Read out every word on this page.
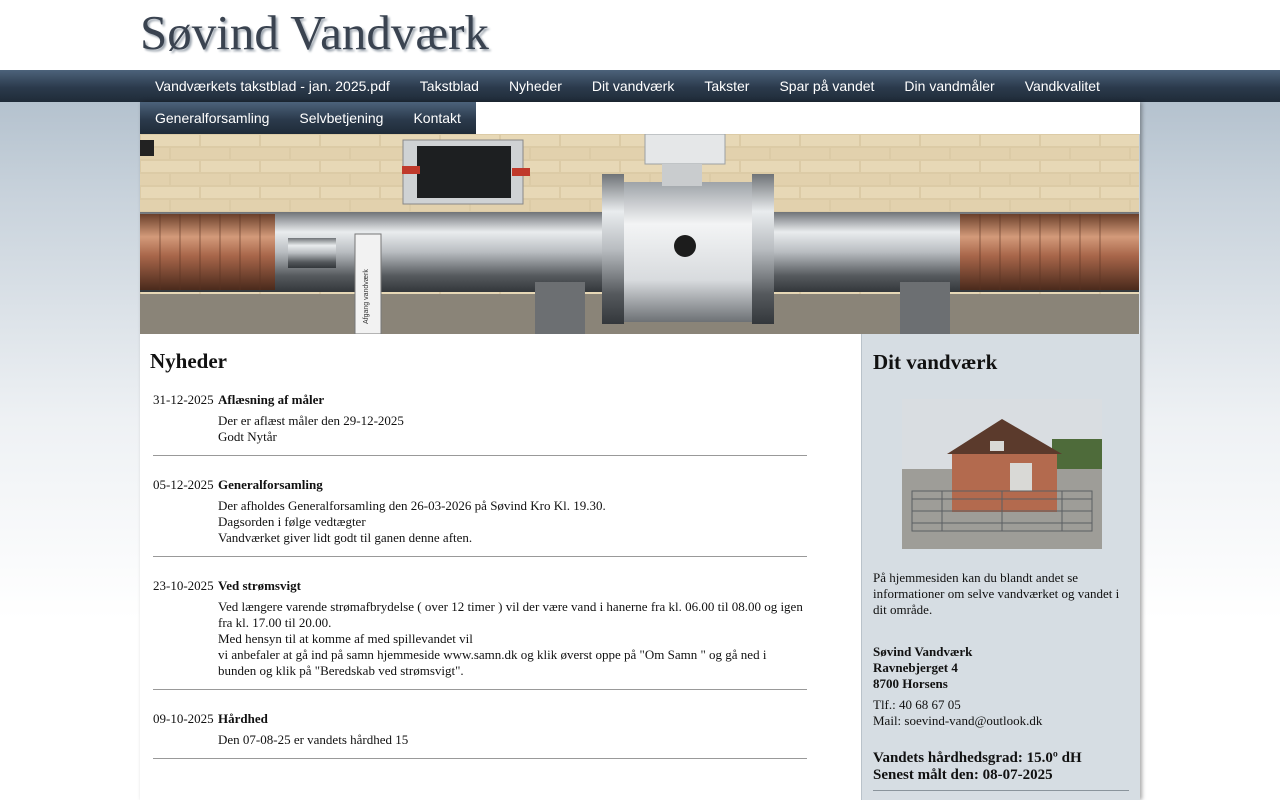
Søvind Vandværk
Vandværkets takstblad - jan. 2025.pdf	Takstblad	Nyheder	Dit vandværk	Takster	Spar på vandet	Din vandmåler	Vandkvalitet
Generalforsamling	Selvbetjening	Kontakt
Afgang vandværk
Nyheder
31-12-2025 Aflæsning af måler
Der er aflæst måler den 29-12-2025
Godt Nytår
05-12-2025 Generalforsamling
Der afholdes Generalforsamling den 26-03-2026 på Søvind Kro Kl. 19.30.
Dagsorden i følge vedtægter
Vandværket giver lidt godt til ganen denne aften.
23-10-2025 Ved strømsvigt
Ved længere varende strømafbrydelse ( over 12 timer ) vil der være vand i hanerne fra kl. 06.00 til 08.00 og igen fra kl. 17.00 til 20.00.
Med hensyn til at komme af med spillevandet vil
vi anbefaler at gå ind på samn hjemmeside www.samn.dk og klik øverst oppe på "Om Samn " og gå ned i bunden og klik på "Beredskab ved strømsvigt".
09-10-2025 Hårdhed
Den 07-08-25 er vandets hårdhed 15
Dit vandværk
På hjemmesiden kan du blandt andet se informationer om selve vandværket og vandet i dit område.
Søvind Vandværk
Ravnebjerget 4
8700 Horsens
Tlf.: 40 68 67 05
Mail: soevind-vand@outlook.dk
Vandets hårdhedsgrad: 15.0º dH
Senest målt den: 08-07-2025
